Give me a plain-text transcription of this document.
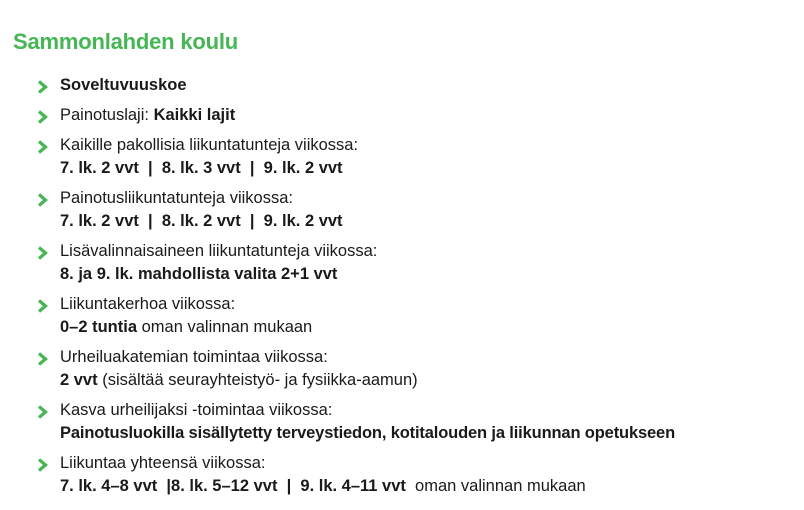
Sammonlahden koulu
Soveltuvuuskoe
Painotuslaji: Kaikki lajit
Kaikille pakollisia liikuntatunteja viikossa:
7. lk. 2 vvt  |  8. lk. 3 vvt  |  9. lk. 2 vvt
Painotusliikuntatunteja viikossa:
7. lk. 2 vvt  |  8. lk. 2 vvt  |  9. lk. 2 vvt
Lisävalinnaisaineen liikuntatunteja viikossa:
8. ja 9. lk. mahdollista valita 2+1 vvt
Liikuntakerhoa viikossa:
0–2 tuntia oman valinnan mukaan
Urheiluakatemian toimintaa viikossa:
2 vvt (sisältää seurayhteistyö- ja fysiikka-aamun)
Kasva urheilijaksi -toimintaa viikossa:
Painotusluokilla sisällytetty terveystiedon, kotitalouden ja liikunnan opetukseen
Liikuntaa yhteensä viikossa:
7. lk. 4–8 vvt  |8. lk. 5–12 vvt  |  9. lk. 4–11 vvt  oman valinnan mukaan
